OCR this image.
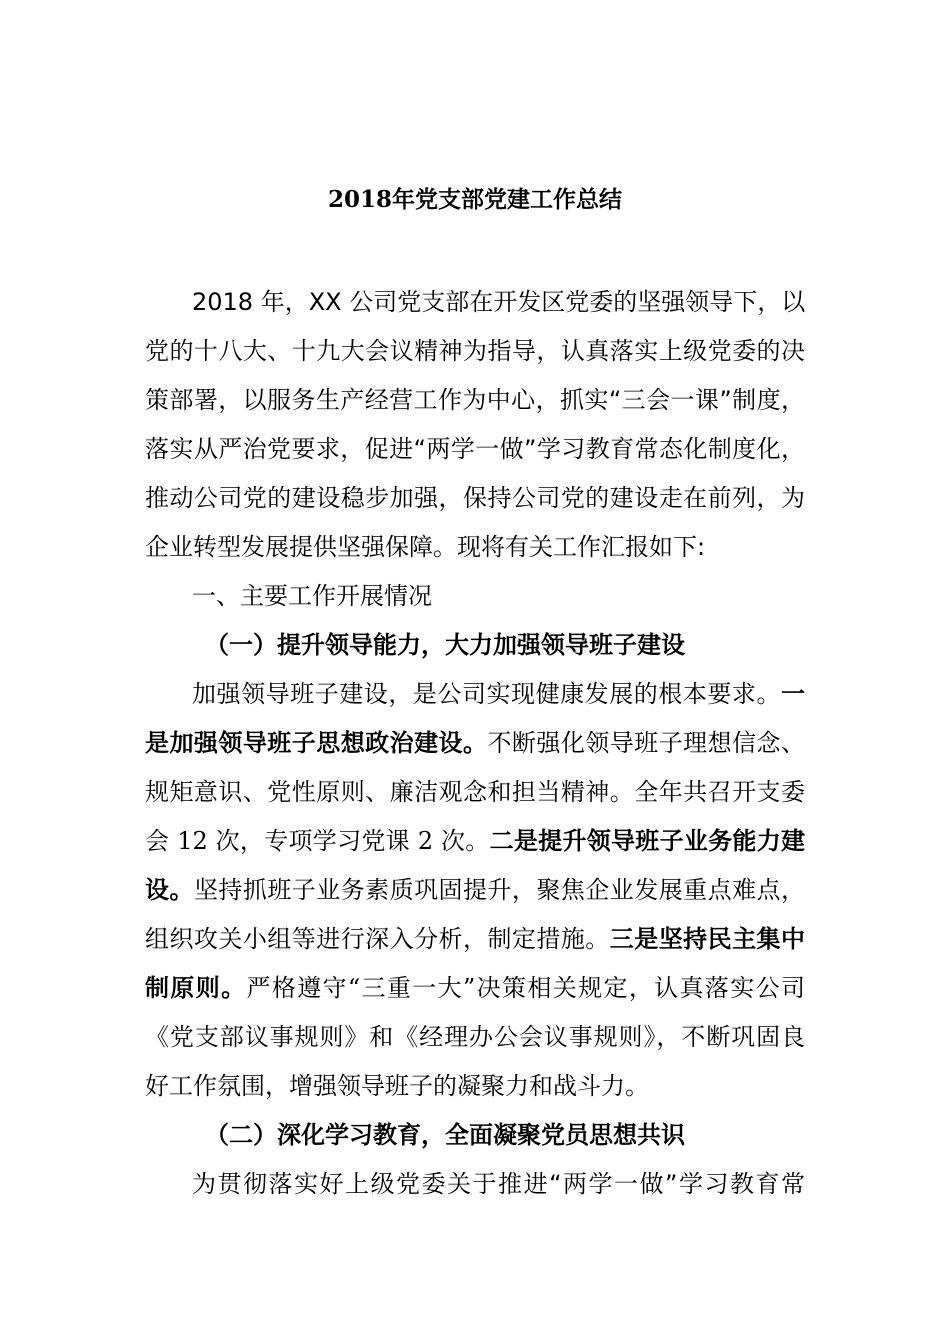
2018年党支部党建工作总结
2018 年，XX 公司党支部在开发区党委的坚强领导下，以
党的十八大、十九大会议精神为指导，认真落实上级党委的决
策部署，以服务生产经营工作为中心，抓实“三会一课”制度，
落实从严治党要求，促进“两学一做”学习教育常态化制度化，
推动公司党的建设稳步加强，保持公司党的建设走在前列，为
企业转型发展提供坚强保障。现将有关工作汇报如下:
一、主要工作开展情况
（一）提升领导能力，大力加强领导班子建设
加强领导班子建设，是公司实现健康发展的根本要求。一
是加强领导班子思想政治建设。不断强化领导班子理想信念、
规矩意识、党性原则、廉洁观念和担当精神。全年共召开支委
会 12 次，专项学习党课 2 次。二是提升领导班子业务能力建
设。坚持抓班子业务素质巩固提升，聚焦企业发展重点难点，
组织攻关小组等进行深入分析，制定措施。三是坚持民主集中
制原则。严格遵守“三重一大”决策相关规定，认真落实公司
《党支部议事规则》和《经理办公会议事规则》，不断巩固良
好工作氛围，增强领导班子的凝聚力和战斗力。
（二）深化学习教育，全面凝聚党员思想共识
为贯彻落实好上级党委关于推进“两学一做”学习教育常
